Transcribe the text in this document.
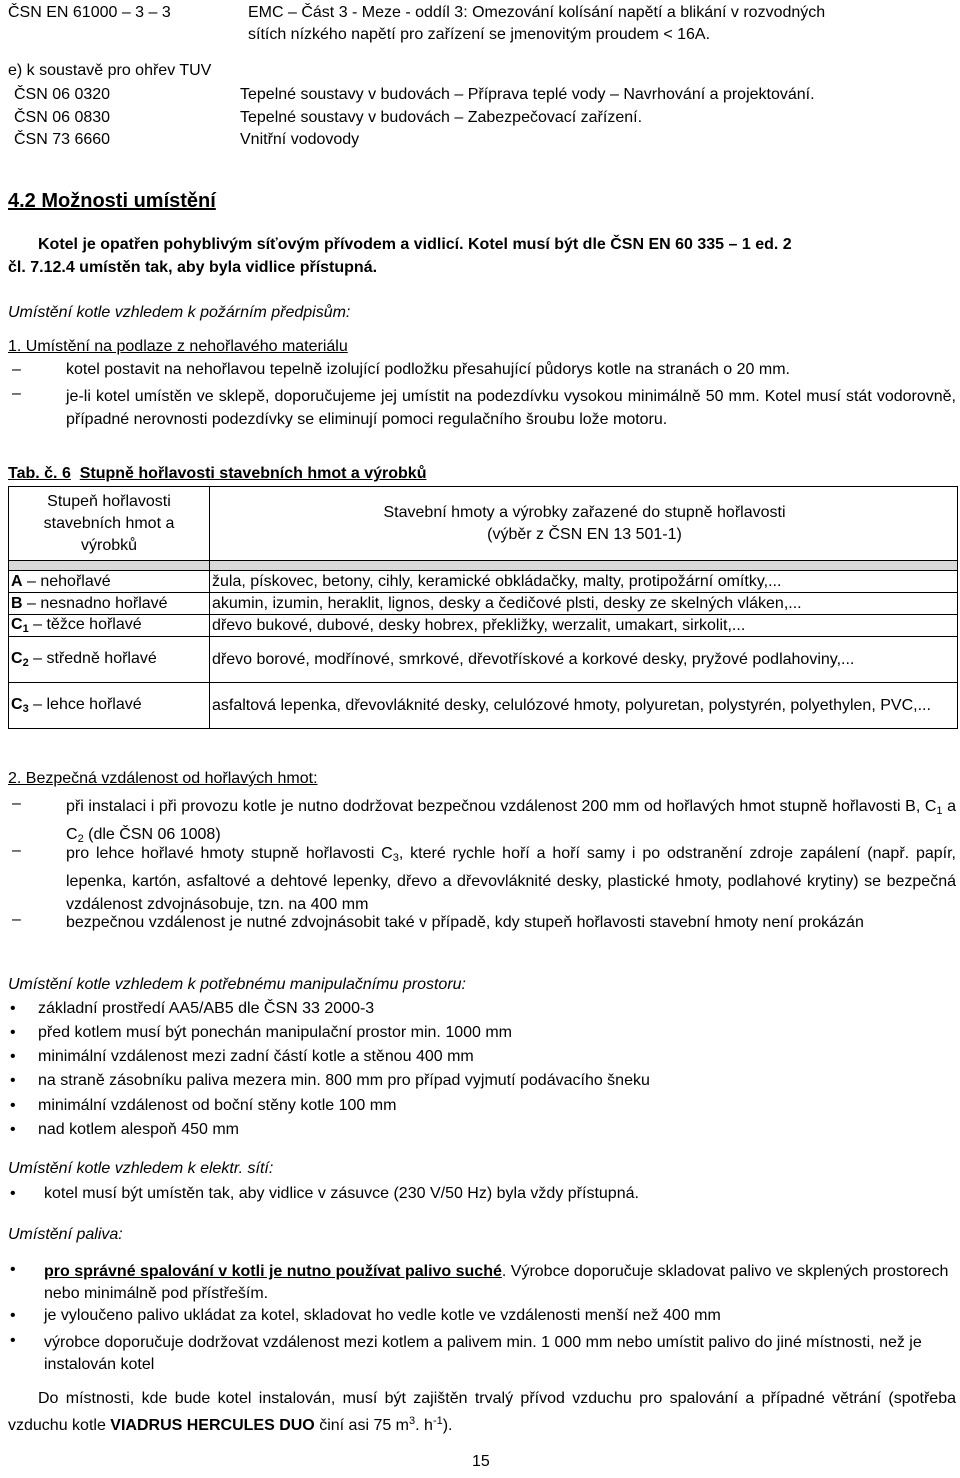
ČSN EN 61000 – 3 – 3	EMC – Část 3 - Meze - oddíl 3: Omezování kolísání napětí a blikání v rozvodných
sítích nízkého napětí pro zařízení se jmenovitým proudem < 16A.
e) k soustavě pro ohřev TUV
ČSN 06 0320	Tepelné soustavy v budovách – Příprava teplé vody – Navrhování a projektování.
ČSN 06 0830	Tepelné soustavy v budovách – Zabezpečovací zařízení.
ČSN 73 6660	Vnitřní vodovody
4.2 Možnosti umístění
Kotel je opatřen pohyblivým síťovým přívodem a vidlicí. Kotel musí být dle ČSN EN 60 335 – 1 ed. 2
čl. 7.12.4 umístěn tak, aby byla vidlice přístupná.
Umístění kotle vzhledem k požárním předpisům:
1. Umístění na podlaze z nehořlavého materiálu
–	kotel postavit na nehořlavou tepelně izolující podložku přesahující půdorys kotle na stranách o 20 mm.
–	je-li kotel umístěn ve sklepě, doporučujeme jej umístit na podezdívku vysokou minimálně 50 mm. Kotel musí stát vodorovně, případné nerovnosti podezdívky se eliminují pomoci regulačního šroubu lože motoru.
Tab. č. 6 Stupně hořlavosti stavebních hmot a výrobků
Stupeň hořlavosti stavebních hmot a výrobků	Stavební hmoty a výrobky zařazené do stupně hořlavosti
(výběr z ČSN EN 13 501-1)

A – nehořlavé	žula, pískovec, betony, cihly, keramické obkládačky, malty, protipožární omítky,...
B – nesnadno hořlavé	akumin, izumin, heraklit, lignos, desky a čedičové plsti, desky ze skelných vláken,...
$C_1$ – těžce hořlavé	dřevo bukové, dubové, desky hobrex, překližky, werzalit, umakart, sirkolit,...
$C_2$ – středně hořlavé	dřevo borové, modřínové, smrkové, dřevotřískové a korkové desky, pryžové podlahoviny,...
$C_3$ – lehce hořlavé	asfaltová lepenka, dřevovláknité desky, celulózové hmoty, polyuretan, polystyrén, polyethylen, PVC,...
2. Bezpečná vzdálenost od hořlavých hmot:
–	při instalaci i při provozu kotle je nutno dodržovat bezpečnou vzdálenost 200 mm od hořlavých hmot stupně hořlavosti B, C1 a C2 (dle ČSN 06 1008)
–	pro lehce hořlavé hmoty stupně hořlavosti C3, které rychle hoří a hoří samy i po odstranění zdroje zapálení (např. papír, lepenka, kartón, asfaltové a dehtové lepenky, dřevo a dřevovláknité desky, plastické hmoty, podlahové krytiny) se bezpečná vzdálenost zdvojnásobuje, tzn. na 400 mm
–	bezpečnou vzdálenost je nutné zdvojnásobit také v případě, kdy stupeň hořlavosti stavební hmoty není prokázán
Umístění kotle vzhledem k potřebnému manipulačnímu prostoru:
• základní prostředí AA5/AB5 dle ČSN 33 2000-3
• před kotlem musí být ponechán manipulační prostor min. 1000 mm
• minimální vzdálenost mezi zadní částí kotle a stěnou 400 mm
• na straně zásobníku paliva mezera min. 800 mm pro případ vyjmutí podávacího šneku
• minimální vzdálenost od boční stěny kotle 100 mm
• nad kotlem alespoň 450 mm
Umístění kotle vzhledem k elektr. sítí:
• kotel musí být umístěn tak, aby vidlice v zásuvce (230 V/50 Hz) byla vždy přístupná.
Umístění paliva:
• pro správné spalování v kotli je nutno používat palivo suché. Výrobce doporučuje skladovat palivo ve skplených prostorech nebo minimálně pod přístřeším.
• je vyloučeno palivo ukládat za kotel, skladovat ho vedle kotle ve vzdálenosti menší než 400 mm
• výrobce doporučuje dodržovat vzdálenost mezi kotlem a palivem min. 1 000 mm nebo umístit palivo do jiné místnosti, než je instalován kotel
Do místnosti, kde bude kotel instalován, musí být zajištěn trvalý přívod vzduchu pro spalování a případné větrání (spotřeba vzduchu kotle VIADRUS HERCULES DUO činí asi 75 $m^3$. $h^{-1}$).
15
